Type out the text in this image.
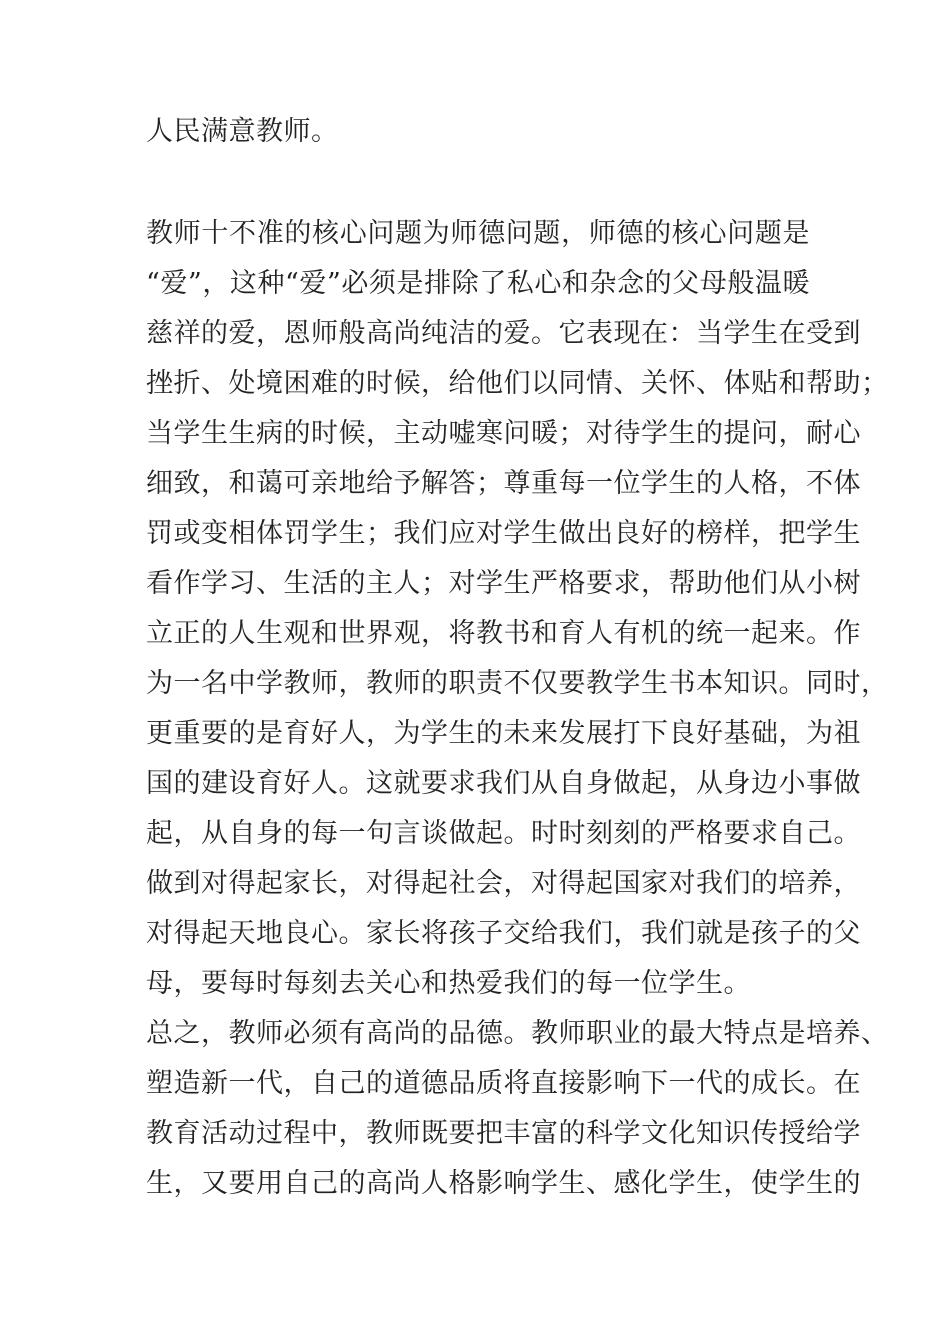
人民满意教师。
教师十不准的核心问题为师德问题，师德的核心问题是
“爱”，这种“爱”必须是排除了私心和杂念的父母般温暖
慈祥的爱，恩师般高尚纯洁的爱。它表现在：当学生在受到
挫折、处境困难的时候，给他们以同情、关怀、体贴和帮助；
当学生生病的时候，主动嘘寒问暖；对待学生的提问，耐心
细致，和蔼可亲地给予解答；尊重每一位学生的人格，不体
罚或变相体罚学生；我们应对学生做出良好的榜样，把学生
看作学习、生活的主人；对学生严格要求，帮助他们从小树
立正的人生观和世界观，将教书和育人有机的统一起来。作
为一名中学教师，教师的职责不仅要教学生书本知识。同时，
更重要的是育好人，为学生的未来发展打下良好基础，为祖
国的建设育好人。这就要求我们从自身做起，从身边小事做
起，从自身的每一句言谈做起。时时刻刻的严格要求自己。
做到对得起家长，对得起社会，对得起国家对我们的培养，
对得起天地良心。家长将孩子交给我们，我们就是孩子的父
母，要每时每刻去关心和热爱我们的每一位学生。
总之，教师必须有高尚的品德。教师职业的最大特点是培养、
塑造新一代，自己的道德品质将直接影响下一代的成长。在
教育活动过程中，教师既要把丰富的科学文化知识传授给学
生，又要用自己的高尚人格影响学生、感化学生，使学生的
